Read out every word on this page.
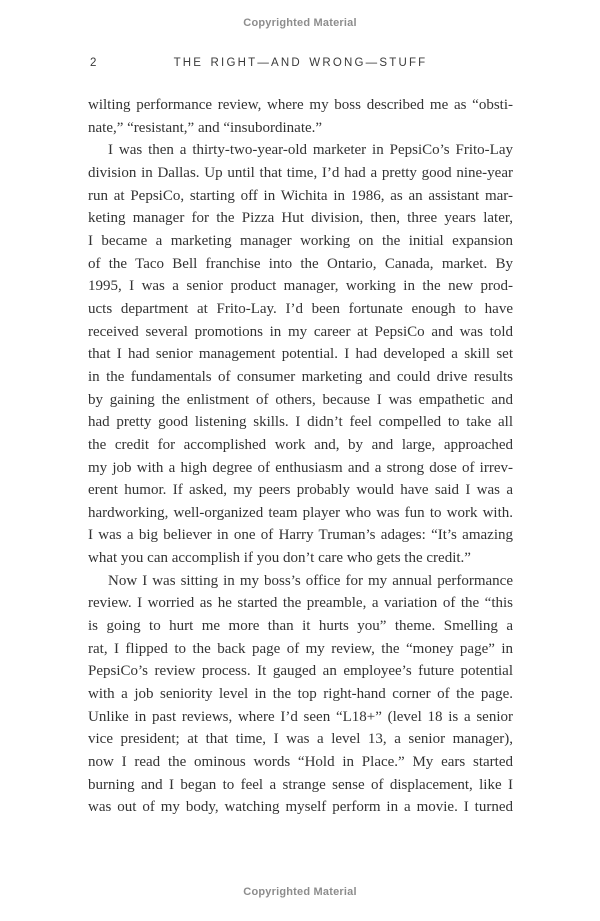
Copyrighted Material
2	THE RIGHT—AND WRONG—STUFF
wilting performance review, where my boss described me as “obsti-
nate,” “resistant,” and “insubordinate.”
I was then a thirty-two-year-old marketer in PepsiCo’s Frito-Lay
division in Dallas. Up until that time, I’d had a pretty good nine-year
run at PepsiCo, starting off in Wichita in 1986, as an assistant mar-
keting manager for the Pizza Hut division, then, three years later,
I became a marketing manager working on the initial expansion
of the Taco Bell franchise into the Ontario, Canada, market. By
1995, I was a senior product manager, working in the new prod-
ucts department at Frito-Lay. I’d been fortunate enough to have
received several promotions in my career at PepsiCo and was told
that I had senior management potential. I had developed a skill set
in the fundamentals of consumer marketing and could drive results
by gaining the enlistment of others, because I was empathetic and
had pretty good listening skills. I didn’t feel compelled to take all
the credit for accomplished work and, by and large, approached
my job with a high degree of enthusiasm and a strong dose of irrev-
erent humor. If asked, my peers probably would have said I was a
hardworking, well-organized team player who was fun to work with.
I was a big believer in one of Harry Truman’s adages: “It’s amazing
what you can accomplish if you don’t care who gets the credit.”
Now I was sitting in my boss’s office for my annual performance
review. I worried as he started the preamble, a variation of the “this
is going to hurt me more than it hurts you” theme. Smelling a
rat, I flipped to the back page of my review, the “money page” in
PepsiCo’s review process. It gauged an employee’s future potential
with a job seniority level in the top right-hand corner of the page.
Unlike in past reviews, where I’d seen “L18+” (level 18 is a senior
vice president; at that time, I was a level 13, a senior manager),
now I read the ominous words “Hold in Place.” My ears started
burning and I began to feel a strange sense of displacement, like I
was out of my body, watching myself perform in a movie. I turned
Copyrighted Material
